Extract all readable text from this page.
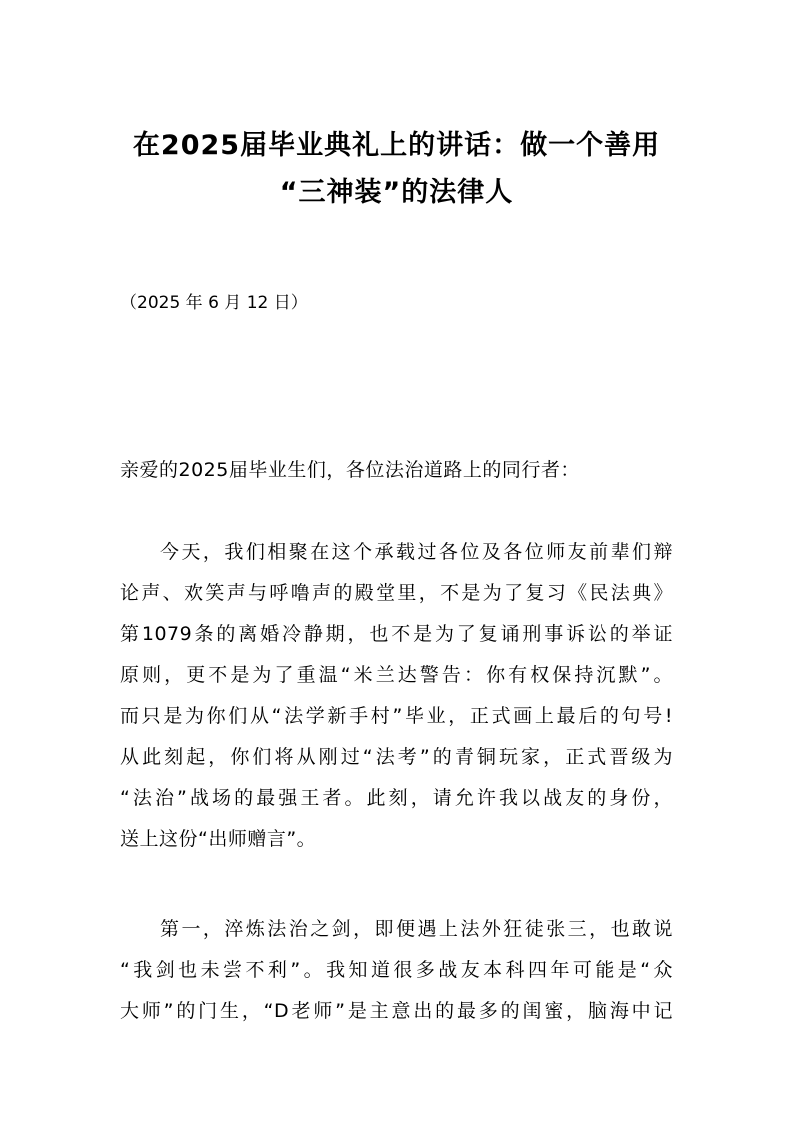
在2025届毕业典礼上的讲话：做一个善用
“三神装”的法律人
（2025 年 6 月 12 日）
亲爱的2025届毕业生们，各位法治道路上的同行者：
今天，我们相聚在这个承载过各位及各位师友前辈们辩
论声、欢笑声与呼噜声的殿堂里，不是为了复习《民法典》
第1079条的离婚冷静期，也不是为了复诵刑事诉讼的举证
原则，更不是为了重温“米兰达警告：你有权保持沉默”。
而只是为你们从“法学新手村”毕业，正式画上最后的句号!
从此刻起，你们将从刚过“法考”的青铜玩家，正式晋级为
“法治”战场的最强王者。此刻，请允许我以战友的身份，
送上这份“出师赠言”。
第一，淬炼法治之剑，即便遇上法外狂徒张三，也敢说
“我剑也未尝不利”。我知道很多战友本科四年可能是“众
大师”的门生，“D老师”是主意出的最多的闺蜜，脑海中记
